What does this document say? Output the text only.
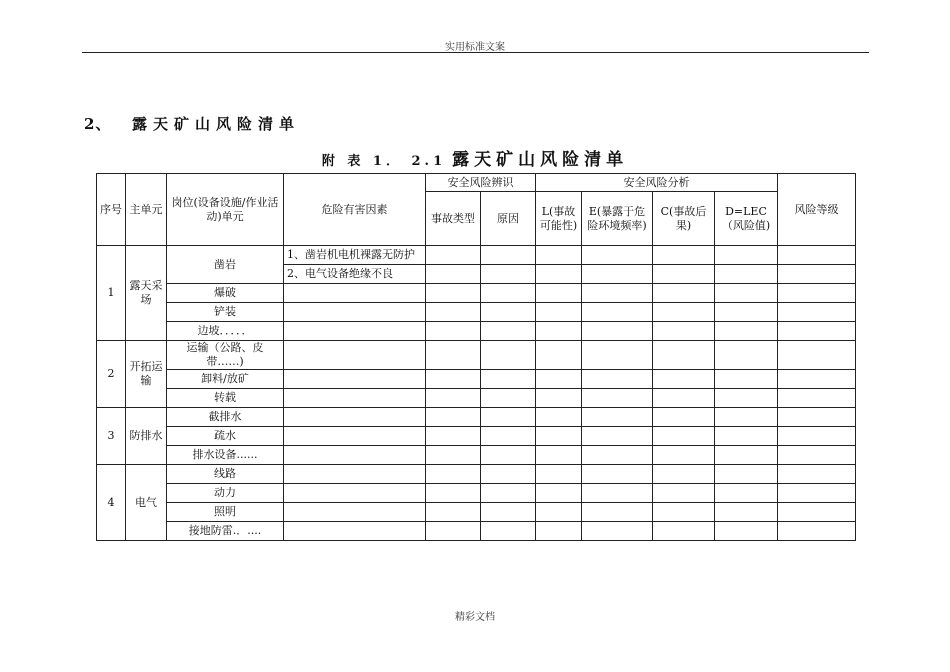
实用标准文案
2、 露天矿山风险清单
附 表 1． 2.1 露天矿山风险清单
序号	主单元	岗位(设备设施/作业活动)单元	危险有害因素	安全风险辨识		安全风险分析				风险等级
				事故类型	原因	L(事故可能性)	E(暴露于危险环境频率)	C(事故后果)	D=LEC（风险值)	
1	露天采场	凿岩	1、凿岩机电机裸露无防护							
			2、电气设备绝缘不良							
		爆破								
		铲装								
		边坡．．．．．								
2	开拓运输	运输（公路、皮带……)								
		卸料/放矿								
		转载								
3	防排水	截排水								
		疏水								
		排水设备......								
4	电气	线路								
		动力								
		照明								
		接地防雷.．....								
精彩文档
